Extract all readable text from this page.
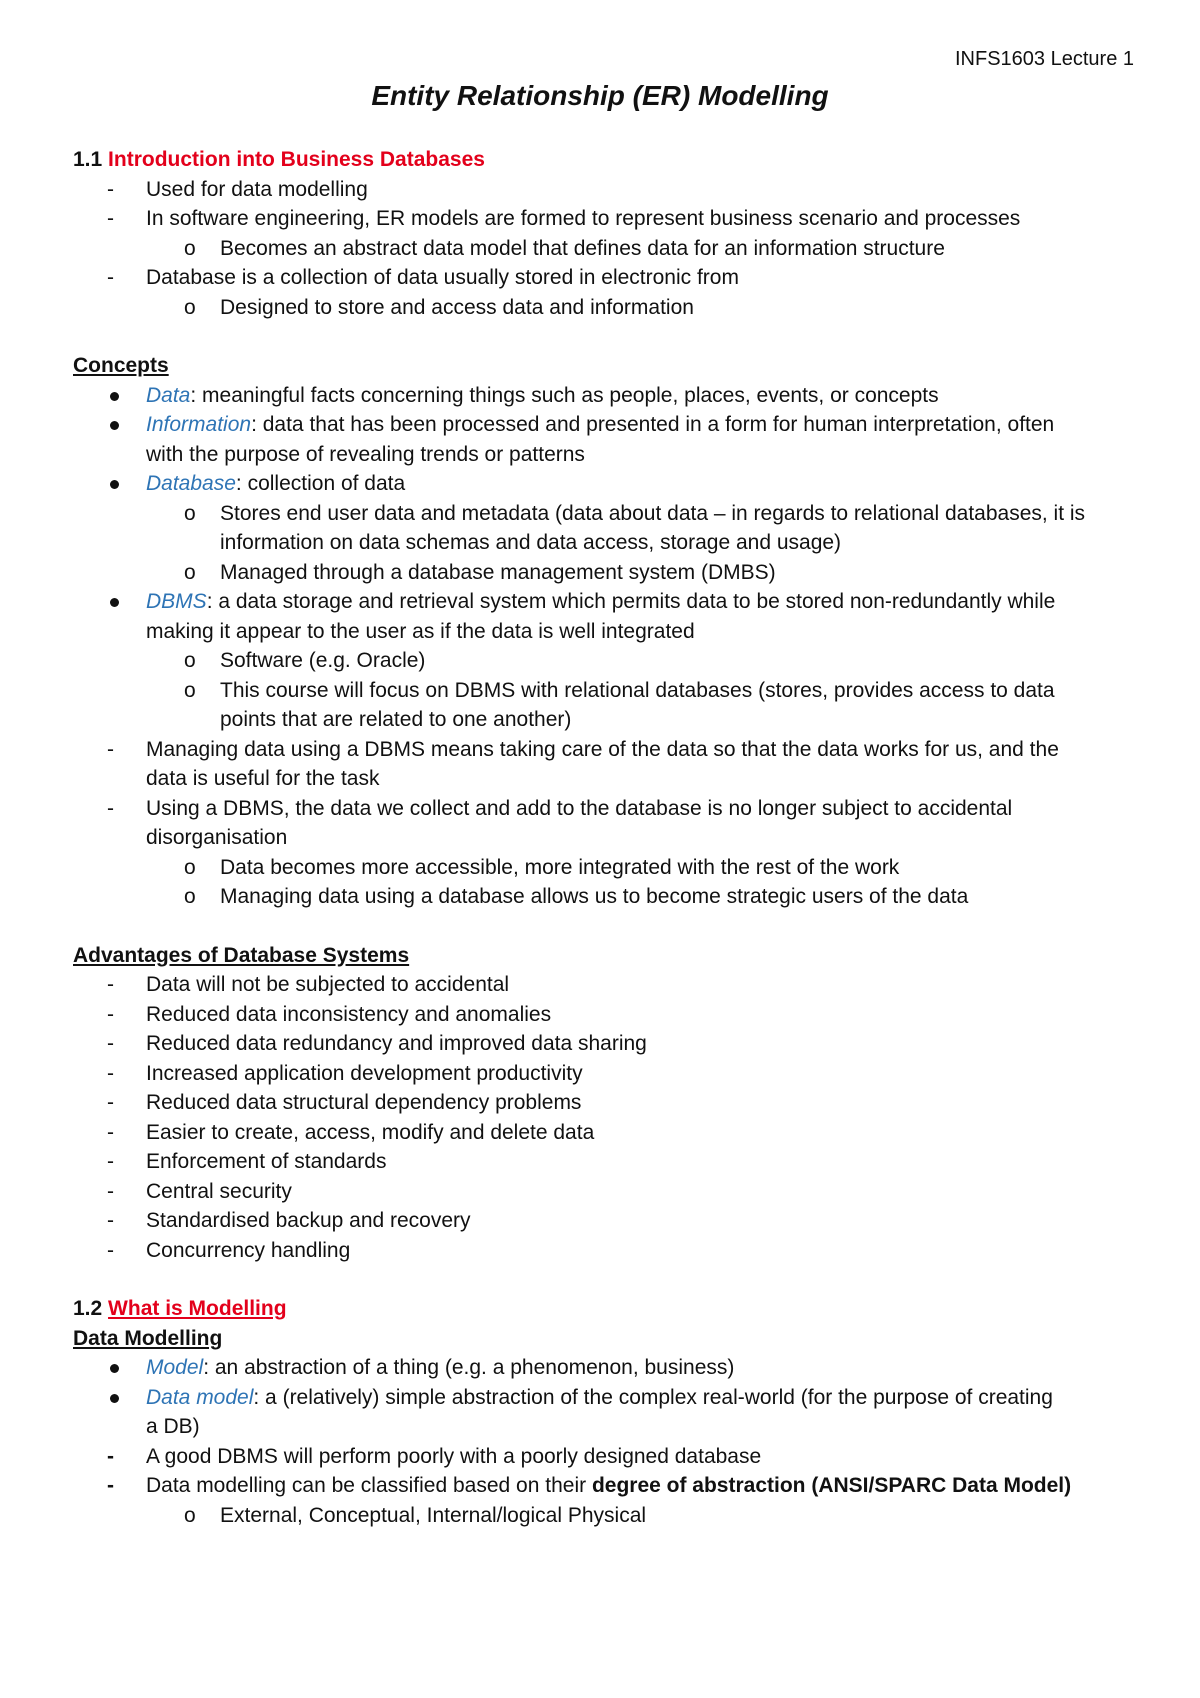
INFS1603 Lecture 1
Entity Relationship (ER) Modelling
1.1 Introduction into Business Databases
- Used for data modelling
- In software engineering, ER models are formed to represent business scenario and processes
o Becomes an abstract data model that defines data for an information structure
- Database is a collection of data usually stored in electronic from
o Designed to store and access data and information
Concepts
Data: meaningful facts concerning things such as people, places, events, or concepts
Information: data that has been processed and presented in a form for human interpretation, often
with the purpose of revealing trends or patterns
Database: collection of data
o Stores end user data and metadata (data about data – in regards to relational databases, it is
information on data schemas and data access, storage and usage)
o Managed through a database management system (DMBS)
DBMS: a data storage and retrieval system which permits data to be stored non-redundantly while
making it appear to the user as if the data is well integrated
o Software (e.g. Oracle)
o This course will focus on DBMS with relational databases (stores, provides access to data
points that are related to one another)
- Managing data using a DBMS means taking care of the data so that the data works for us, and the
data is useful for the task
- Using a DBMS, the data we collect and add to the database is no longer subject to accidental
disorganisation
o Data becomes more accessible, more integrated with the rest of the work
o Managing data using a database allows us to become strategic users of the data
Advantages of Database Systems
- Data will not be subjected to accidental
- Reduced data inconsistency and anomalies
- Reduced data redundancy and improved data sharing
- Increased application development productivity
- Reduced data structural dependency problems
- Easier to create, access, modify and delete data
- Enforcement of standards
- Central security
- Standardised backup and recovery
- Concurrency handling
1.2 What is Modelling
Data Modelling
Model: an abstraction of a thing (e.g. a phenomenon, business)
Data model: a (relatively) simple abstraction of the complex real-world (for the purpose of creating
a DB)
- A good DBMS will perform poorly with a poorly designed database
- Data modelling can be classified based on their degree of abstraction (ANSI/SPARC Data Model)
o External, Conceptual, Internal/logical Physical
